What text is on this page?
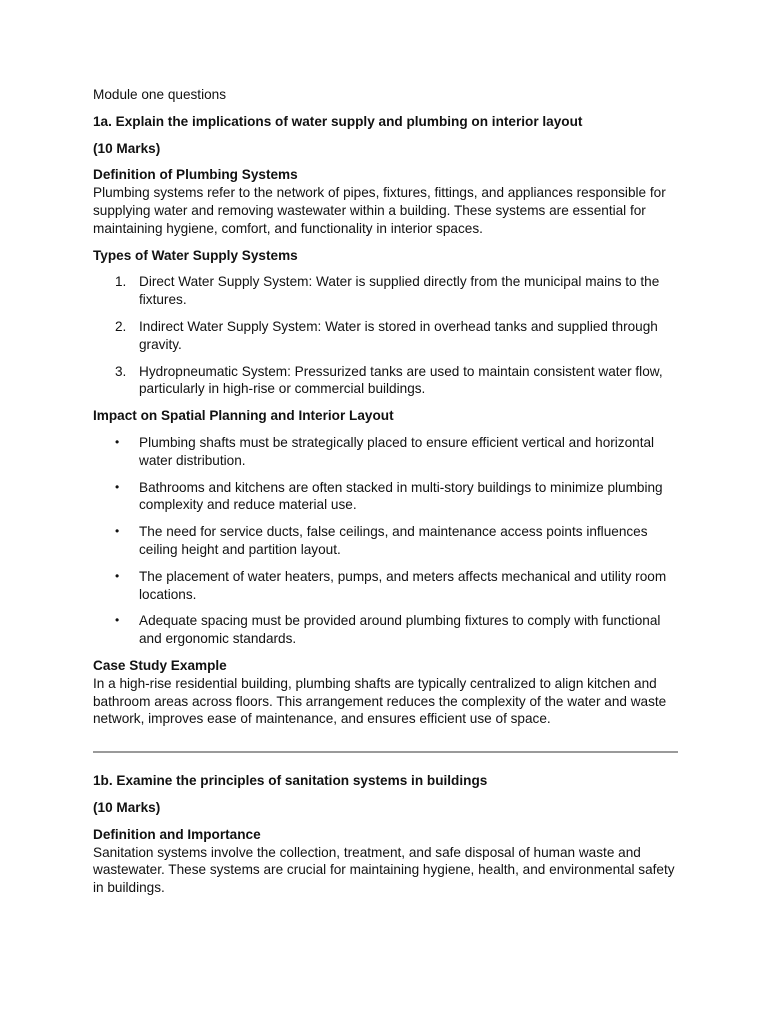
Module one questions

1a. Explain the implications of water supply and plumbing on interior layout

(10 Marks)

Definition of Plumbing Systems

Plumbing systems refer to the network of pipes, fixtures, fittings, and appliances responsible for supplying water and removing wastewater within a building. These systems are essential for maintaining hygiene, comfort, and functionality in interior spaces.

Types of Water Supply Systems

1. Direct Water Supply System: Water is supplied directly from the municipal mains to the fixtures.
2. Indirect Water Supply System: Water is stored in overhead tanks and supplied through gravity.
3. Hydropneumatic System: Pressurized tanks are used to maintain consistent water flow, particularly in high-rise or commercial buildings.

Impact on Spatial Planning and Interior Layout

•	Plumbing shafts must be strategically placed to ensure efficient vertical and horizontal water distribution.
•	Bathrooms and kitchens are often stacked in multi-story buildings to minimize plumbing complexity and reduce material use.
•	The need for service ducts, false ceilings, and maintenance access points influences ceiling height and partition layout.
•	The placement of water heaters, pumps, and meters affects mechanical and utility room locations.
•	Adequate spacing must be provided around plumbing fixtures to comply with functional and ergonomic standards.

Case Study Example

In a high-rise residential building, plumbing shafts are typically centralized to align kitchen and bathroom areas across floors. This arrangement reduces the complexity of the water and waste network, improves ease of maintenance, and ensures efficient use of space.

1b. Examine the principles of sanitation systems in buildings

(10 Marks)

Definition and Importance

Sanitation systems involve the collection, treatment, and safe disposal of human waste and wastewater. These systems are crucial for maintaining hygiene, health, and environmental safety in buildings.
